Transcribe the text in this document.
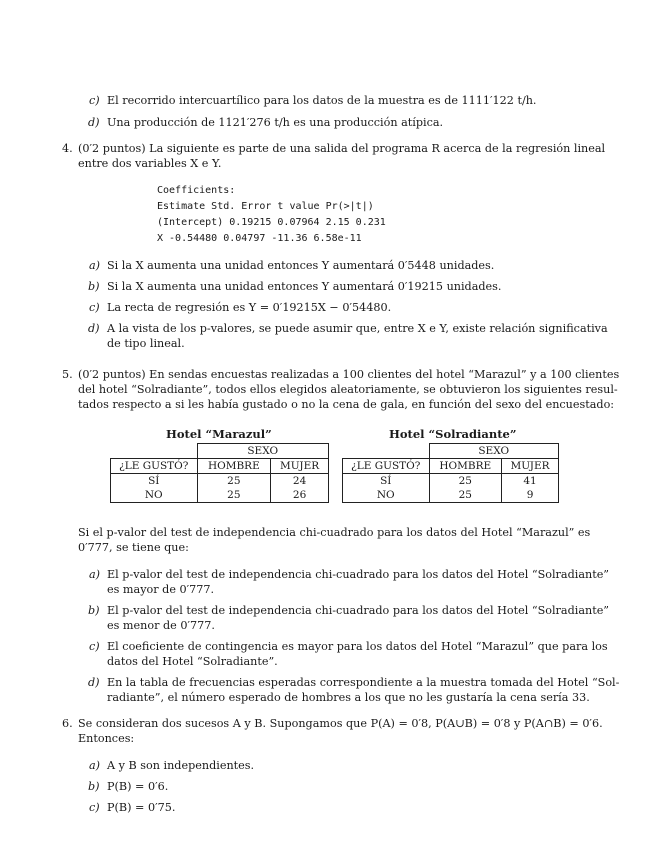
c) El recorrido intercuartílico para los datos de la muestra es de 1111′122 t/h.
d) Una producción de 1121′276 t/h es una producción atípica.
4. (0′2 puntos) La siguiente es parte de una salida del programa R acerca de la regresión lineal
entre dos variables X e Y.
Coefficients:
Estimate Std. Error t value Pr(>|t|)
(Intercept) 0.19215 0.07964 2.15 0.231
X -0.54480 0.04797 -11.36 6.58e-11
a) Si la X aumenta una unidad entonces Y aumentará 0′5448 unidades.
b) Si la X aumenta una unidad entonces Y aumentará 0′19215 unidades.
c) La recta de regresión es Y = 0′19215X − 0′54480.
d) A la vista de los p-valores, se puede asumir que, entre X e Y, existe relación significativa
de tipo lineal.
5. (0′2 puntos) En sendas encuestas realizadas a 100 clientes del hotel “Marazul” y a 100 clientes
del hotel “Solradiante”, todos ellos elegidos aleatoriamente, se obtuvieron los siguientes resul-
tados respecto a si les había gustado o no la cena de gala, en función del sexo del encuestado:
Hotel “Marazul”
	SEXO	
¿LE GUSTÓ?	HOMBRE	MUJER
SÍ	25	24
NO	25	26
Hotel “Solradiante”
	SEXO	
¿LE GUSTÓ?	HOMBRE	MUJER
SÍ	25	41
NO	25	9
Si el p-valor del test de independencia chi-cuadrado para los datos del Hotel “Marazul” es
0′777, se tiene que:
a) El p-valor del test de independencia chi-cuadrado para los datos del Hotel “Solradiante”
es mayor de 0′777.
b) El p-valor del test de independencia chi-cuadrado para los datos del Hotel “Solradiante”
es menor de 0′777.
c) El coeficiente de contingencia es mayor para los datos del Hotel “Marazul” que para los
datos del Hotel “Solradiante”.
d) En la tabla de frecuencias esperadas correspondiente a la muestra tomada del Hotel “Sol-
radiante”, el número esperado de hombres a los que no les gustaría la cena sería 33.
6. Se consideran dos sucesos A y B. Supongamos que P(A) = 0′8, P(A∪B) = 0′8 y P(A∩B) = 0′6.
Entonces:
a) A y B son independientes.
b) P(B) = 0′6.
c) P(B) = 0′75.
